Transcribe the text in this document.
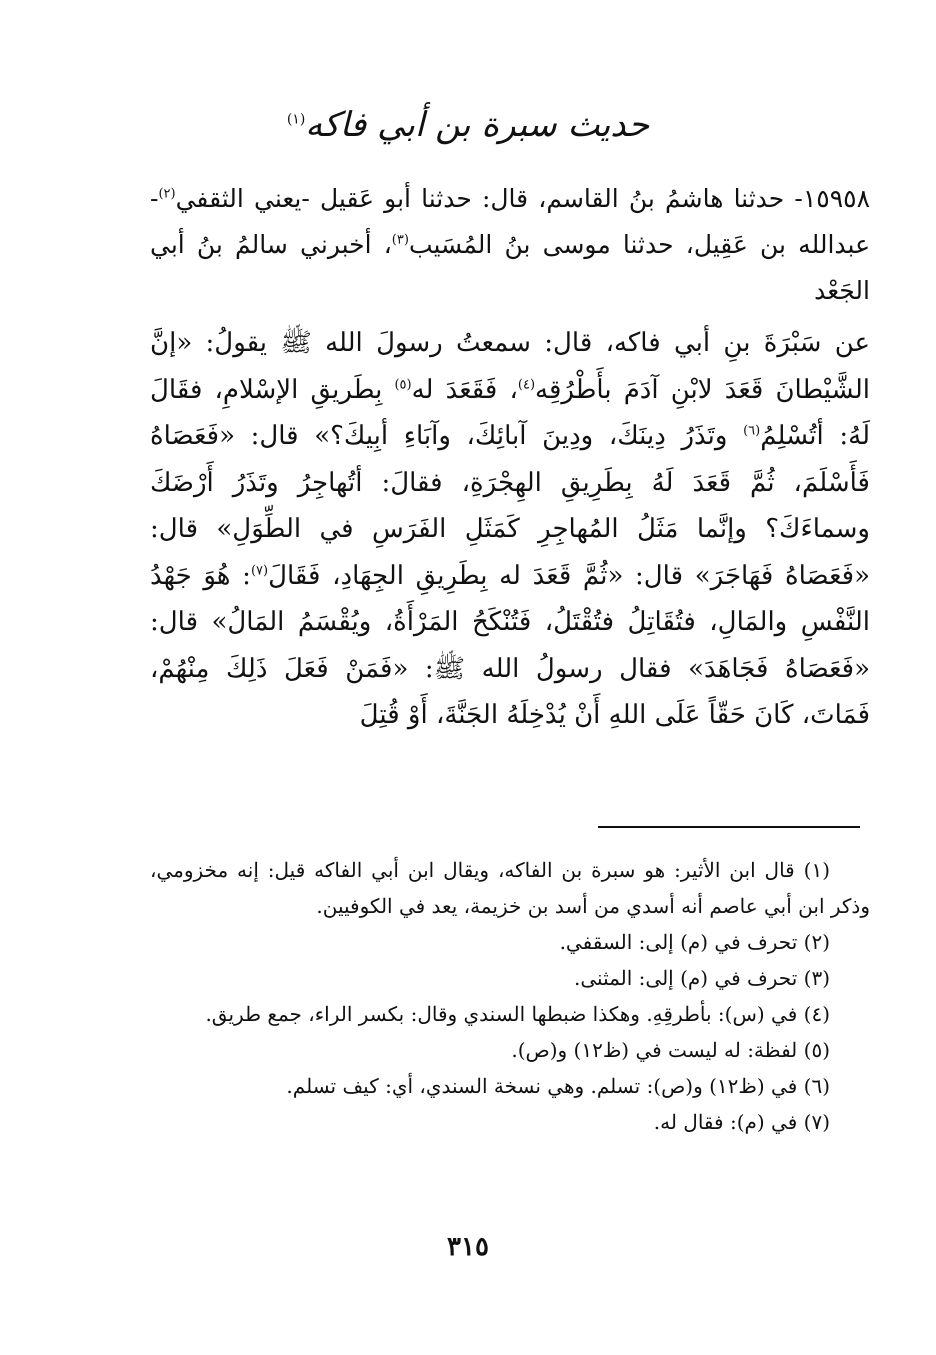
حديث سبرة بن أبي فاكه$^{(١)}$
١٥٩٥٨- حدثنا هاشمُ بنُ القاسم، قال: حدثنا أبو عَقيل -يعني الثقفي$^{(٢)}$- عبدالله بن عَقِيل، حدثنا موسى بنُ المُسَيب$^{(٣)}$، أخبرني سالمُ بنُ أبي الجَعْد
عن سَبْرَةَ بنِ أبي فاكه، قال: سمعتُ رسولَ الله ﷺ يقولُ: «إنَّ الشَّيْطانَ قَعَدَ لابْنِ آدَمَ بأَطْرُقِه$^{(٤)}$، فَقَعَدَ له$^{(٥)}$ بِطَريقِ الإسْلامِ، فقَالَ لَهُ: أتُسْلِمُ$^{(٦)}$ وتَذَرُ دِينَكَ، ودِينَ آبائِكَ، وآبَاءِ أبِيكَ؟» قال: «فَعَصَاهُ فَأَسْلَمَ، ثُمَّ قَعَدَ لَهُ بِطَرِيقِ الهِجْرَةِ، فقالَ: أتُهاجِرُ وتَذَرُ أَرْضَكَ وسماءَكَ؟ وإنَّما مَثَلُ المُهاجِرِ كَمَثَلِ الفَرَسِ في الطِّوَلِ» قال: «فَعَصَاهُ فَهَاجَرَ» قال: «ثُمَّ قَعَدَ له بِطَرِيقِ الجِهَادِ، فَقَالَ$^{(٧)}$: هُوَ جَهْدُ النَّفْسِ والمَالِ، فتُقَاتِلُ فتُقْتَلُ، فَتُنْكَحُ المَرْأَةُ، ويُقْسَمُ المَالُ» قال: «فَعَصَاهُ فَجَاهَدَ» فقال رسولُ الله ﷺ: «فَمَنْ فَعَلَ ذَلِكَ مِنْهُمْ، فَمَاتَ، كَانَ حَقّاً عَلَى اللهِ أَنْ يُدْخِلَهُ الجَنَّةَ، أَوْ قُتِلَ
(١) قال ابن الأثير: هو سبرة بن الفاكه، ويقال ابن أبي الفاكه قيل: إنه مخزومي، وذكر ابن أبي عاصم أنه أسدي من أسد بن خزيمة، يعد في الكوفيين.
(٢) تحرف في (م) إلى: السقفي.
(٣) تحرف في (م) إلى: المثنى.
(٤) في (س): بأطرقِهِ. وهكذا ضبطها السندي وقال: بكسر الراء، جمع طريق.
(٥) لفظة: له ليست في (ظ١٢) و(ص).
(٦) في (ظ١٢) و(ص): تسلم. وهي نسخة السندي، أي: كيف تسلم.
(٧) في (م): فقال له.
٣١٥
